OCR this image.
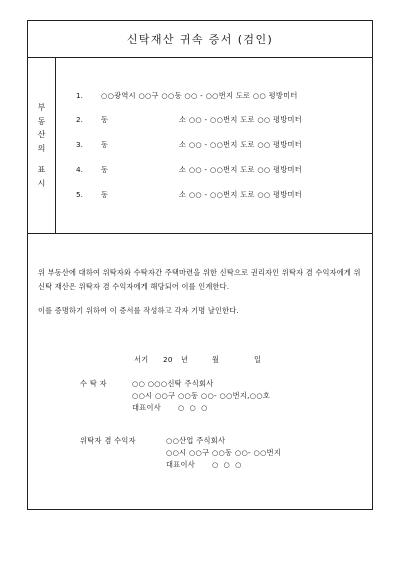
신탁재산 귀속 증서 (검인)
부
동
산
의
표
시
1.	○○광역시 ○○구 ○○동 ○○ - ○○번지 도로 ○○ 평방미터
2.	동	소 ○○ - ○○번지 도로 ○○ 평방미터
3.	동	소 ○○ - ○○번지 도로 ○○ 평방미터
4.	동	소 ○○ - ○○번지 도로 ○○ 평방미터
5.	동	소 ○○ - ○○번지 도로 ○○ 평방미터

위 부동산에 대하여 위탁자와 수탁자간 주택마련을 위한 신탁으로 권리자인 위탁자 겸 수익자에게 위 신탁 재산은 위탁자 겸 수익자에게 해당되어 이를 인계한다.

이를 증명하기 위하여 이 증서를 작성하고 각자 기명 날인한다.

서기 20 년	월	일
수 탁 자	○○ ○○○신탁 주식회사
○○시 ○○구 ○○동 ○○- ○○번지,○○호
대표이사 ○ ○ ○
위탁자 겸 수익자	○○산업 주식회사
○○시 ○○구 ○○동 ○○- ○○번지
대표이사 ○ ○ ○
